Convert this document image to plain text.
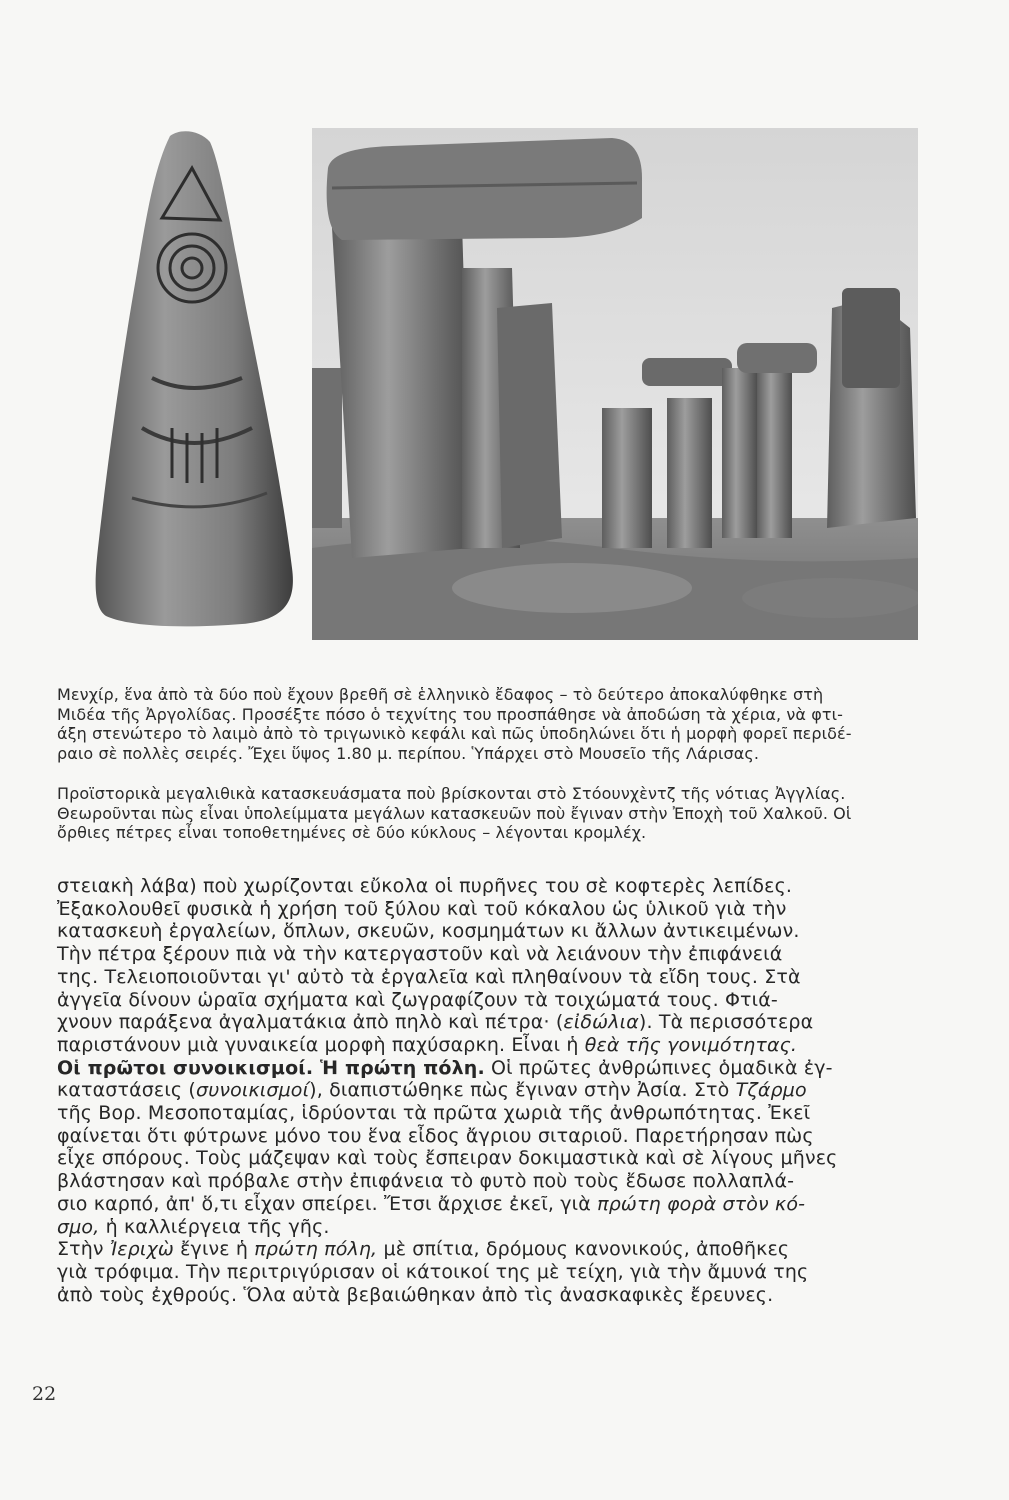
Μενχίρ, ἕνα ἀπὸ τὰ δύο ποὺ ἔχουν βρεθῆ σὲ ἑλληνικὸ ἔδαφος – τὸ δεύτερο ἀποκαλύφθηκε στὴ

Μιδέα τῆς Ἀργολίδας. Προσέξτε πόσο ὁ τεχνίτης του προσπάθησε νὰ ἀποδώση τὰ χέρια, νὰ φτι-

άξη στενώτερο τὸ λαιμὸ ἀπὸ τὸ τριγωνικὸ κεφάλι καὶ πῶς ὑποδηλώνει ὅτι ἡ μορφὴ φορεῖ περιδέ-

ραιο σὲ πολλὲς σειρές. Ἔχει ὕψος 1.80 μ. περίπου. Ὑπάρχει στὸ Μουσεῖο τῆς Λάρισας.

Προϊστορικὰ μεγαλιθικὰ κατασκευάσματα ποὺ βρίσκονται στὸ Στόουνχὲντζ τῆς νότιας Ἀγγλίας.

Θεωροῦνται πὼς εἶναι ὑπολείμματα μεγάλων κατασκευῶν ποὺ ἔγιναν στὴν Ἐποχὴ τοῦ Χαλκοῦ. Οἱ

ὄρθιες πέτρες εἶναι τοποθετημένες σὲ δύο κύκλους – λέγονται κρομλέχ.

στειακὴ λάβα) ποὺ χωρίζονται εὔκολα οἱ πυρῆνες του σὲ κοφτερὲς λεπίδες.
Ἐξακολουθεῖ φυσικὰ ἡ χρήση τοῦ ξύλου καὶ τοῦ κόκαλου ὡς ὑλικοῦ γιὰ τὴν
κατασκευὴ ἐργαλείων, ὅπλων, σκευῶν, κοσμημάτων κι ἄλλων ἀντικειμένων.
Τὴν πέτρα ξέρουν πιὰ νὰ τὴν κατεργαστοῦν καὶ νὰ λειάνουν τὴν ἐπιφάνειά
της. Τελειοποιοῦνται γι' αὐτὸ τὰ ἐργαλεῖα καὶ πληθαίνουν τὰ εἴδη τους. Στὰ
ἀγγεῖα δίνουν ὡραῖα σχήματα καὶ ζωγραφίζουν τὰ τοιχώματά τους. Φτιά-
χνουν παράξενα ἀγαλματάκια ἀπὸ πηλὸ καὶ πέτρα· (εἰδώλια). Τὰ περισσότερα
παριστάνουν μιὰ γυναικεία μορφὴ παχύσαρκη. Εἶναι ἡ θεὰ τῆς γονιμότητας.
Οἱ πρῶτοι συνοικισμοί. Ἡ πρώτη πόλη. Οἱ πρῶτες ἀνθρώπινες ὁμαδικὰ ἐγ-
καταστάσεις (συνοικισμοί), διαπιστώθηκε πὼς ἔγιναν στὴν Ἀσία. Στὸ Τζάρμο
τῆς Βορ. Μεσοποταμίας, ἱδρύονται τὰ πρῶτα χωριὰ τῆς ἀνθρωπότητας. Ἐκεῖ
φαίνεται ὅτι φύτρωνε μόνο του ἕνα εἶδος ἄγριου σιταριοῦ. Παρετήρησαν πὼς
εἶχε σπόρους. Τοὺς μάζεψαν καὶ τοὺς ἔσπειραν δοκιμαστικὰ καὶ σὲ λίγους μῆνες
βλάστησαν καὶ πρόβαλε στὴν ἐπιφάνεια τὸ φυτὸ ποὺ τοὺς ἔδωσε πολλαπλά-
σιο καρπό, ἀπ' ὅ,τι εἶχαν σπείρει. Ἔτσι ἄρχισε ἐκεῖ, γιὰ πρώτη φορὰ στὸν κό-
σμο, ἡ καλλιέργεια τῆς γῆς.
Στὴν Ἰεριχὼ ἔγινε ἡ πρώτη πόλη, μὲ σπίτια, δρόμους κανονικούς, ἀποθῆκες
γιὰ τρόφιμα. Τὴν περιτριγύρισαν οἱ κάτοικοί της μὲ τείχη, γιὰ τὴν ἄμυνά της
ἀπὸ τοὺς ἐχθρούς. Ὅλα αὐτὰ βεβαιώθηκαν ἀπὸ τὶς ἀνασκαφικὲς ἔρευνες.
22
